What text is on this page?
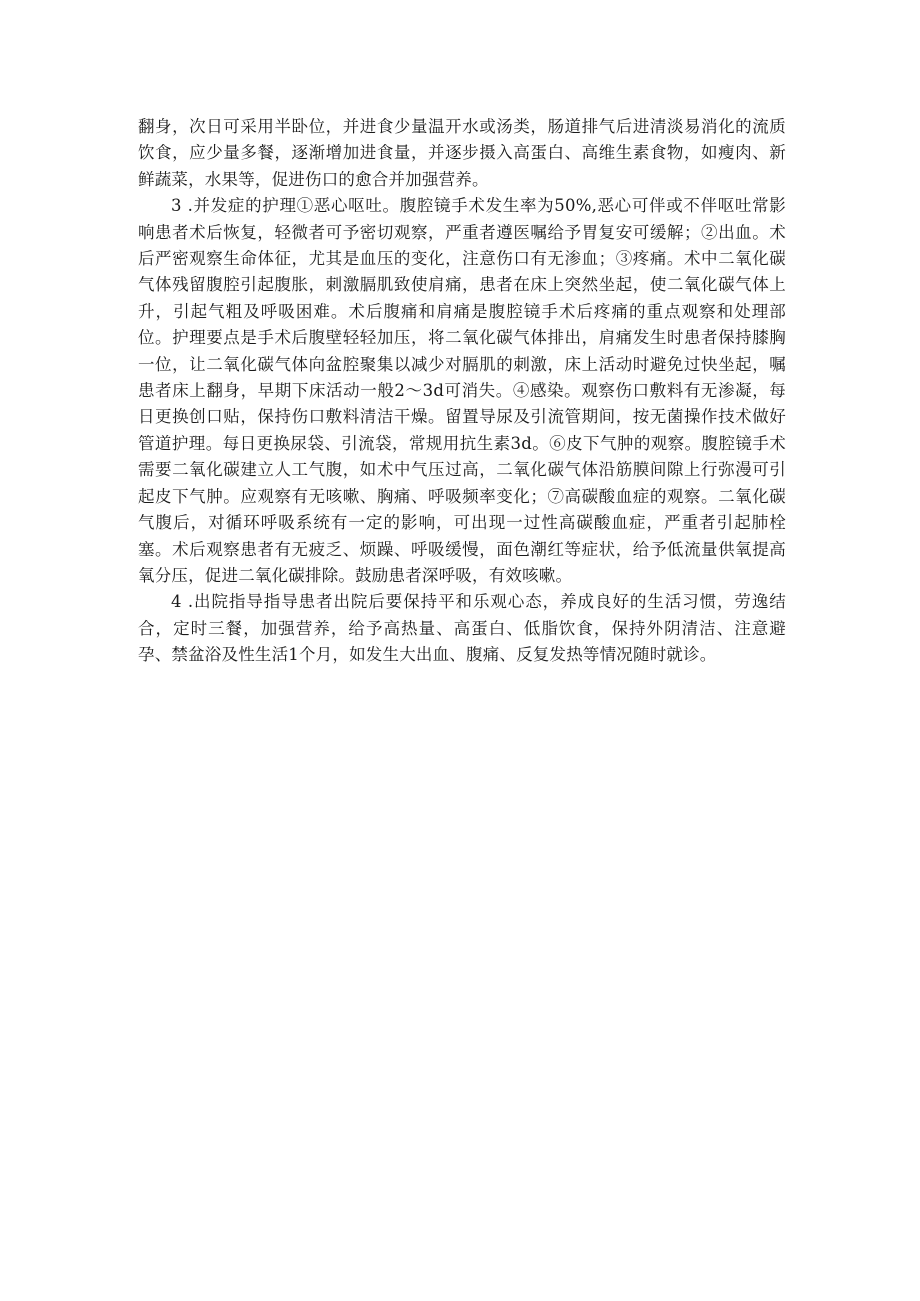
翻身，次日可采用半卧位，并进食少量温开水或汤类，肠道排气后进清淡易消化的流质饮食，应少量多餐，逐渐增加进食量，并逐步摄入高蛋白、高维生素食物，如瘦肉、新鲜蔬菜，水果等，促进伤口的愈合并加强营养。

3 .并发症的护理①恶心呕吐。腹腔镜手术发生率为50%,恶心可伴或不伴呕吐常影响患者术后恢复，轻微者可予密切观察，严重者遵医嘱给予胃复安可缓解；②出血。术后严密观察生命体征，尤其是血压的变化，注意伤口有无渗血；③疼痛。术中二氧化碳气体残留腹腔引起腹胀，刺激膈肌致使肩痛，患者在床上突然坐起，使二氧化碳气体上升，引起气粗及呼吸困难。术后腹痛和肩痛是腹腔镜手术后疼痛的重点观察和处理部位。护理要点是手术后腹壁轻轻加压，将二氧化碳气体排出，肩痛发生时患者保持膝胸一位，让二氧化碳气体向盆腔聚集以减少对膈肌的刺激，床上活动时避免过快坐起，嘱患者床上翻身，早期下床活动一般2～3d可消失。④感染。观察伤口敷料有无渗凝，每日更换创口贴，保持伤口敷料清洁干燥。留置导尿及引流管期间，按无菌操作技术做好管道护理。每日更换尿袋、引流袋，常规用抗生素3d。⑥皮下气肿的观察。腹腔镜手术需要二氧化碳建立人工气腹，如术中气压过高，二氧化碳气体沿筋膜间隙上行弥漫可引起皮下气肿。应观察有无咳嗽、胸痛、呼吸频率变化；⑦高碳酸血症的观察。二氧化碳气腹后，对循环呼吸系统有一定的影响，可出现一过性高碳酸血症，严重者引起肺栓塞。术后观察患者有无疲乏、烦躁、呼吸缓慢，面色潮红等症状，给予低流量供氧提高氧分压，促进二氧化碳排除。鼓励患者深呼吸，有效咳嗽。

4 .出院指导指导患者出院后要保持平和乐观心态，养成良好的生活习惯，劳逸结合，定时三餐，加强营养，给予高热量、高蛋白、低脂饮食，保持外阴清洁、注意避孕、禁盆浴及性生活1个月，如发生大出血、腹痛、反复发热等情况随时就诊。
